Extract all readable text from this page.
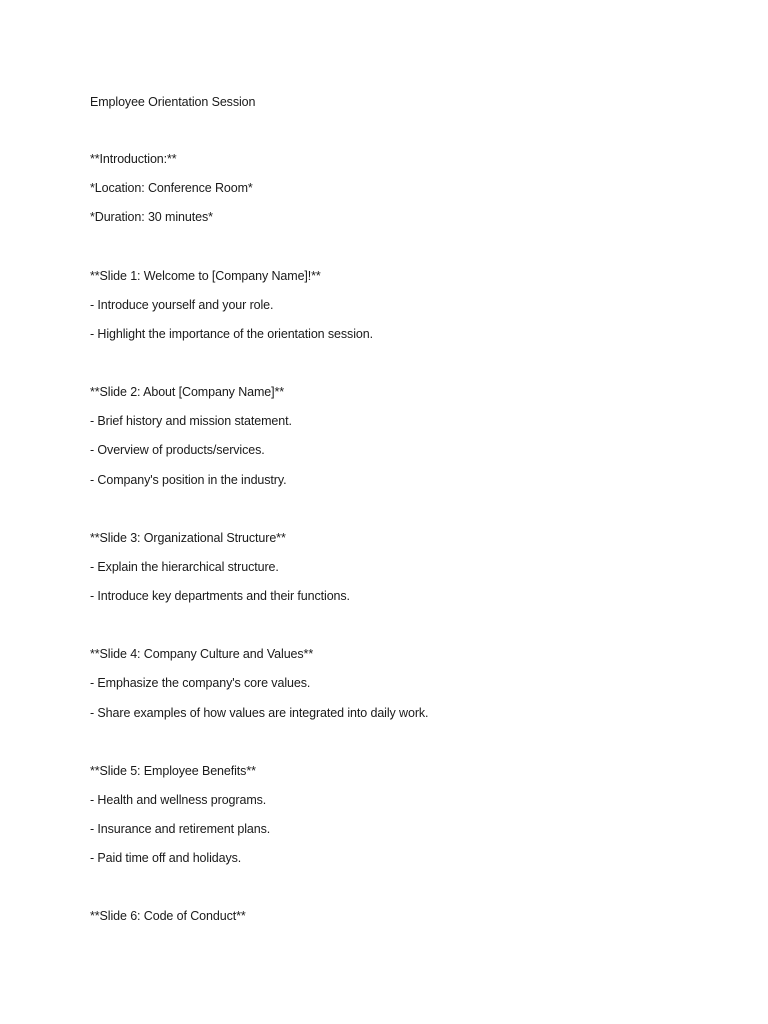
Employee Orientation Session
**Introduction:**
*Location: Conference Room*
*Duration: 30 minutes*
**Slide 1: Welcome to [Company Name]!**
- Introduce yourself and your role.
- Highlight the importance of the orientation session.
**Slide 2: About [Company Name]**
- Brief history and mission statement.
- Overview of products/services.
- Company's position in the industry.
**Slide 3: Organizational Structure**
- Explain the hierarchical structure.
- Introduce key departments and their functions.
**Slide 4: Company Culture and Values**
- Emphasize the company's core values.
- Share examples of how values are integrated into daily work.
**Slide 5: Employee Benefits**
- Health and wellness programs.
- Insurance and retirement plans.
- Paid time off and holidays.
**Slide 6: Code of Conduct**
